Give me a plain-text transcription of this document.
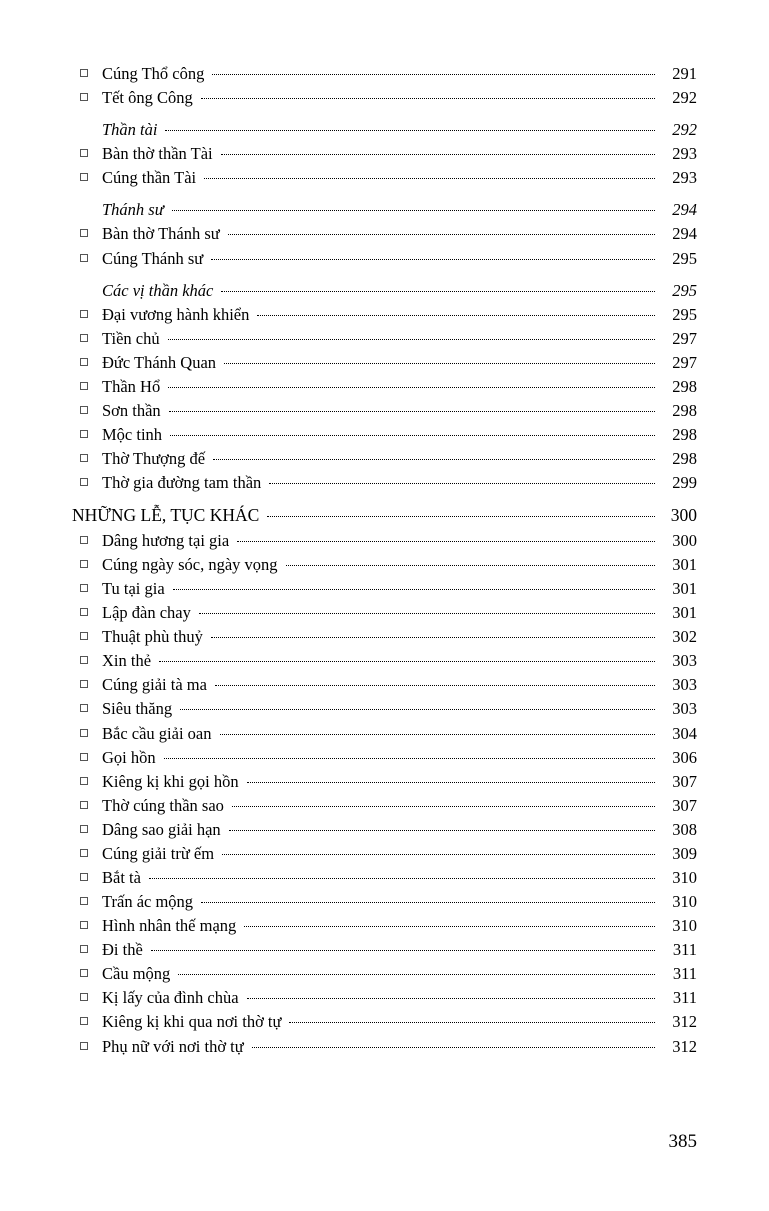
Cúng Thổ công	291
Tết ông Công	292
Thần tài	292
Bàn thờ thần Tài	293
Cúng thần Tài	293
Thánh sư	294
Bàn thờ Thánh sư	294
Cúng Thánh sư	295
Các vị thần khác	295
Đại vương hành khiển	295
Tiền chủ	297
Đức Thánh Quan	297
Thần Hổ	298
Sơn thần	298
Mộc tinh	298
Thờ Thượng đế	298
Thờ gia đường tam thần	299
NHỮNG LỄ, TỤC KHÁC	300
Dâng hương tại gia	300
Cúng ngày sóc, ngày vọng	301
Tu tại gia	301
Lập đàn chay	301
Thuật phù thuỷ	302
Xin thẻ	303
Cúng giải tà ma	303
Siêu thăng	303
Bắc cầu giải oan	304
Gọi hồn	306
Kiêng kị khi gọi hồn	307
Thờ cúng thần sao	307
Dâng sao giải hạn	308
Cúng giải trừ ếm	309
Bắt tà	310
Trấn ác mộng	310
Hình nhân thế mạng	310
Đi thề	311
Cầu mộng	311
Kị lấy của đình chùa	311
Kiêng kị khi qua nơi thờ tự	312
Phụ nữ với nơi thờ tự	312
385
